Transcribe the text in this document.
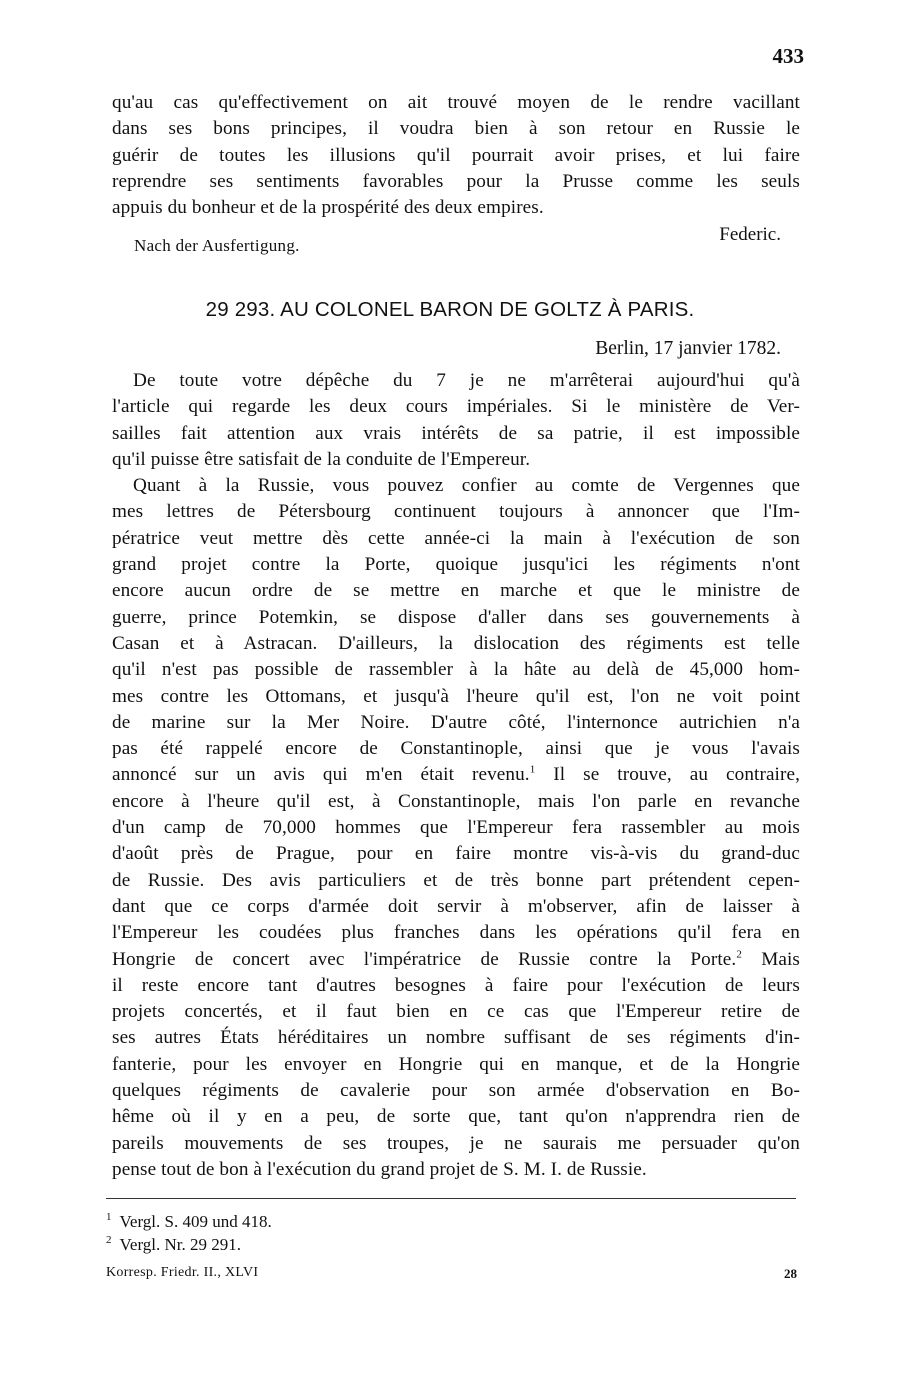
433
qu'au cas qu'effectivement on ait trouvé moyen de le rendre vacillant
dans ses bons principes, il voudra bien à son retour en Russie le
guérir de toutes les illusions qu'il pourrait avoir prises, et lui faire
reprendre ses sentiments favorables pour la Prusse comme les seuls
appuis du bonheur et de la prospérité des deux empires.
Nach der Ausfertigung.
Federic.
29 293. AU COLONEL BARON DE GOLTZ À PARIS.
Berlin, 17 janvier 1782.

De toute votre dépêche du 7 je ne m'arrêterai aujourd'hui qu'à
l'article qui regarde les deux cours impériales. Si le ministère de Ver-
sailles fait attention aux vrais intérêts de sa patrie, il est impossible
qu'il puisse être satisfait de la conduite de l'Empereur.

Quant à la Russie, vous pouvez confier au comte de Vergennes que
mes lettres de Pétersbourg continuent toujours à annoncer que l'Im-
pératrice veut mettre dès cette année-ci la main à l'exécution de son
grand projet contre la Porte, quoique jusqu'ici les régiments n'ont
encore aucun ordre de se mettre en marche et que le ministre de
guerre, prince Potemkin, se dispose d'aller dans ses gouvernements à
Casan et à Astracan. D'ailleurs, la dislocation des régiments est telle
qu'il n'est pas possible de rassembler à la hâte au delà de 45,000 hom-
mes contre les Ottomans, et jusqu'à l'heure qu'il est, l'on ne voit point
de marine sur la Mer Noire. D'autre côté, l'internonce autrichien n'a
pas été rappelé encore de Constantinople, ainsi que je vous l'avais
annoncé sur un avis qui m'en était revenu.$^1$ Il se trouve, au contraire,
encore à l'heure qu'il est, à Constantinople, mais l'on parle en revanche
d'un camp de 70,000 hommes que l'Empereur fera rassembler au mois
d'août près de Prague, pour en faire montre vis-à-vis du grand-duc
de Russie. Des avis particuliers et de très bonne part prétendent cepen-
dant que ce corps d'armée doit servir à m'observer, afin de laisser à
l'Empereur les coudées plus franches dans les opérations qu'il fera en
Hongrie de concert avec l'impératrice de Russie contre la Porte.$^2$ Mais
il reste encore tant d'autres besognes à faire pour l'exécution de leurs
projets concertés, et il faut bien en ce cas que l'Empereur retire de
ses autres États héréditaires un nombre suffisant de ses régiments d'in-
fanterie, pour les envoyer en Hongrie qui en manque, et de la Hongrie
quelques régiments de cavalerie pour son armée d'observation en Bo-
hême où il y en a peu, de sorte que, tant qu'on n'apprendra rien de
pareils mouvements de ses troupes, je ne saurais me persuader qu'on
pense tout de bon à l'exécution du grand projet de S. M. I. de Russie.

$^1$ Vergl. S. 409 und 418.
$^2$ Vergl. Nr. 29 291.
Korresp. Friedr. II., XLVI	28
